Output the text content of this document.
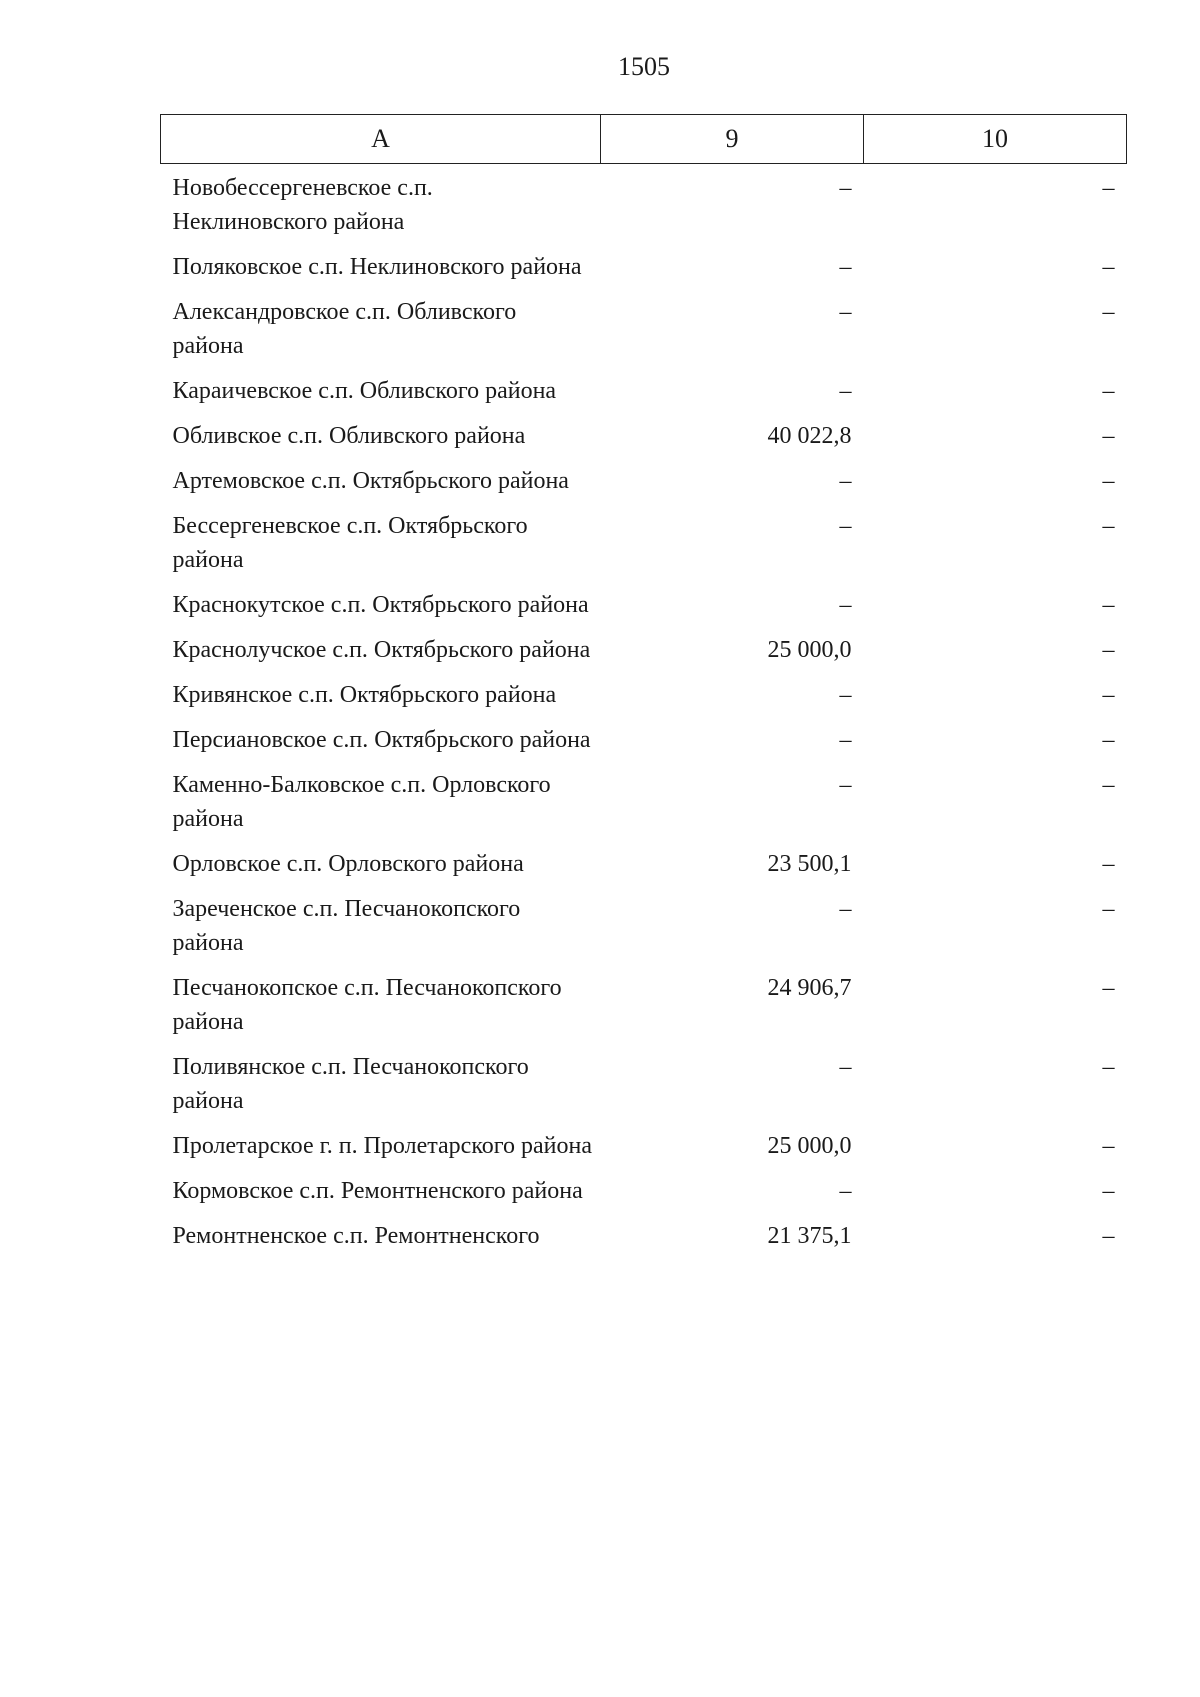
1505
А	9	10
Новобессергеневское с.п. Неклиновского района	–	–
Поляковское с.п. Неклиновского района	–	–
Александровское с.п. Обливского района	–	–
Караичевское с.п. Обливского района	–	–
Обливское с.п. Обливского района	40 022,8	–
Артемовское с.п. Октябрьского района	–	–
Бессергеневское с.п. Октябрьского района	–	–
Краснокутское с.п. Октябрьского района	–	–
Краснолучское с.п. Октябрьского района	25 000,0	–
Кривянское с.п. Октябрьского района	–	–
Персиановское с.п. Октябрьского района	–	–
Каменно-Балковское с.п. Орловского района	–	–
Орловское с.п. Орловского района	23 500,1	–
Зареченское с.п. Песчанокопского района	–	–
Песчанокопское с.п. Песчанокопского района	24 906,7	–
Поливянское с.п. Песчанокопского района	–	–
Пролетарское г. п. Пролетарского района	25 000,0	–
Кормовское с.п. Ремонтненского района	–	–
Ремонтненское с.п. Ремонтненского	21 375,1	–
